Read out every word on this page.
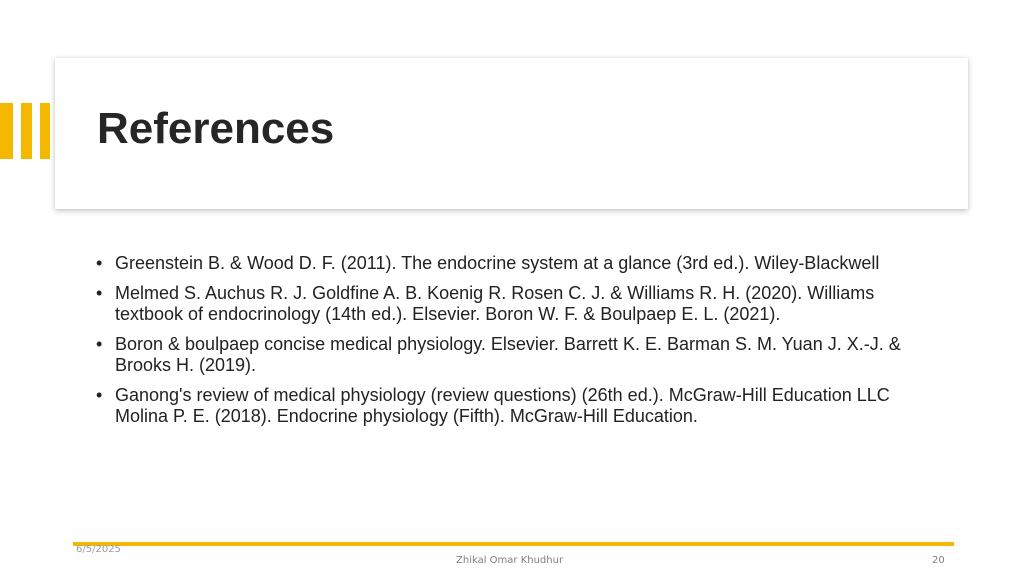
References
• Greenstein B. & Wood D. F. (2011). The endocrine system at a glance (3rd ed.). Wiley-Blackwell
• Melmed S. Auchus R. J. Goldfine A. B. Koenig R. Rosen C. J. & Williams R. H. (2020). Williams textbook of endocrinology (14th ed.). Elsevier. Boron W. F. & Boulpaep E. L. (2021).
• Boron & boulpaep concise medical physiology. Elsevier. Barrett K. E. Barman S. M. Yuan J. X.-J. & Brooks H. (2019).
• Ganong's review of medical physiology (review questions) (26th ed.). McGraw-Hill Education LLC Molina P. E. (2018). Endocrine physiology (Fifth). McGraw-Hill Education.
6/5/2025
Zhikal Omar Khudhur	20
